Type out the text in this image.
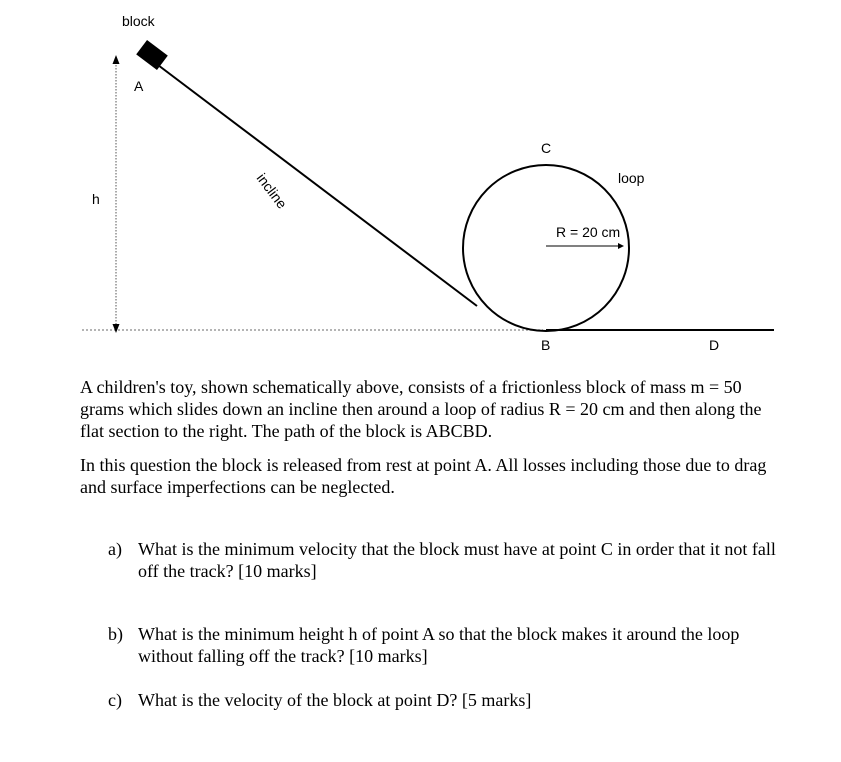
block
A
h	incline
C
loop
R = 20 cm
B	D
A children's toy, shown schematically above, consists of a frictionless block of mass m = 50 grams which slides down an incline then around a loop of radius R = 20 cm and then along the flat section to the right. The path of the block is ABCBD.
In this question the block is released from rest at point A. All losses including those due to drag and surface imperfections can be neglected.
a) What is the minimum velocity that the block must have at point C in order that it not fall off the track? [10 marks]
b) What is the minimum height h of point A so that the block makes it around the loop without falling off the track? [10 marks]
c) What is the velocity of the block at point D? [5 marks]
